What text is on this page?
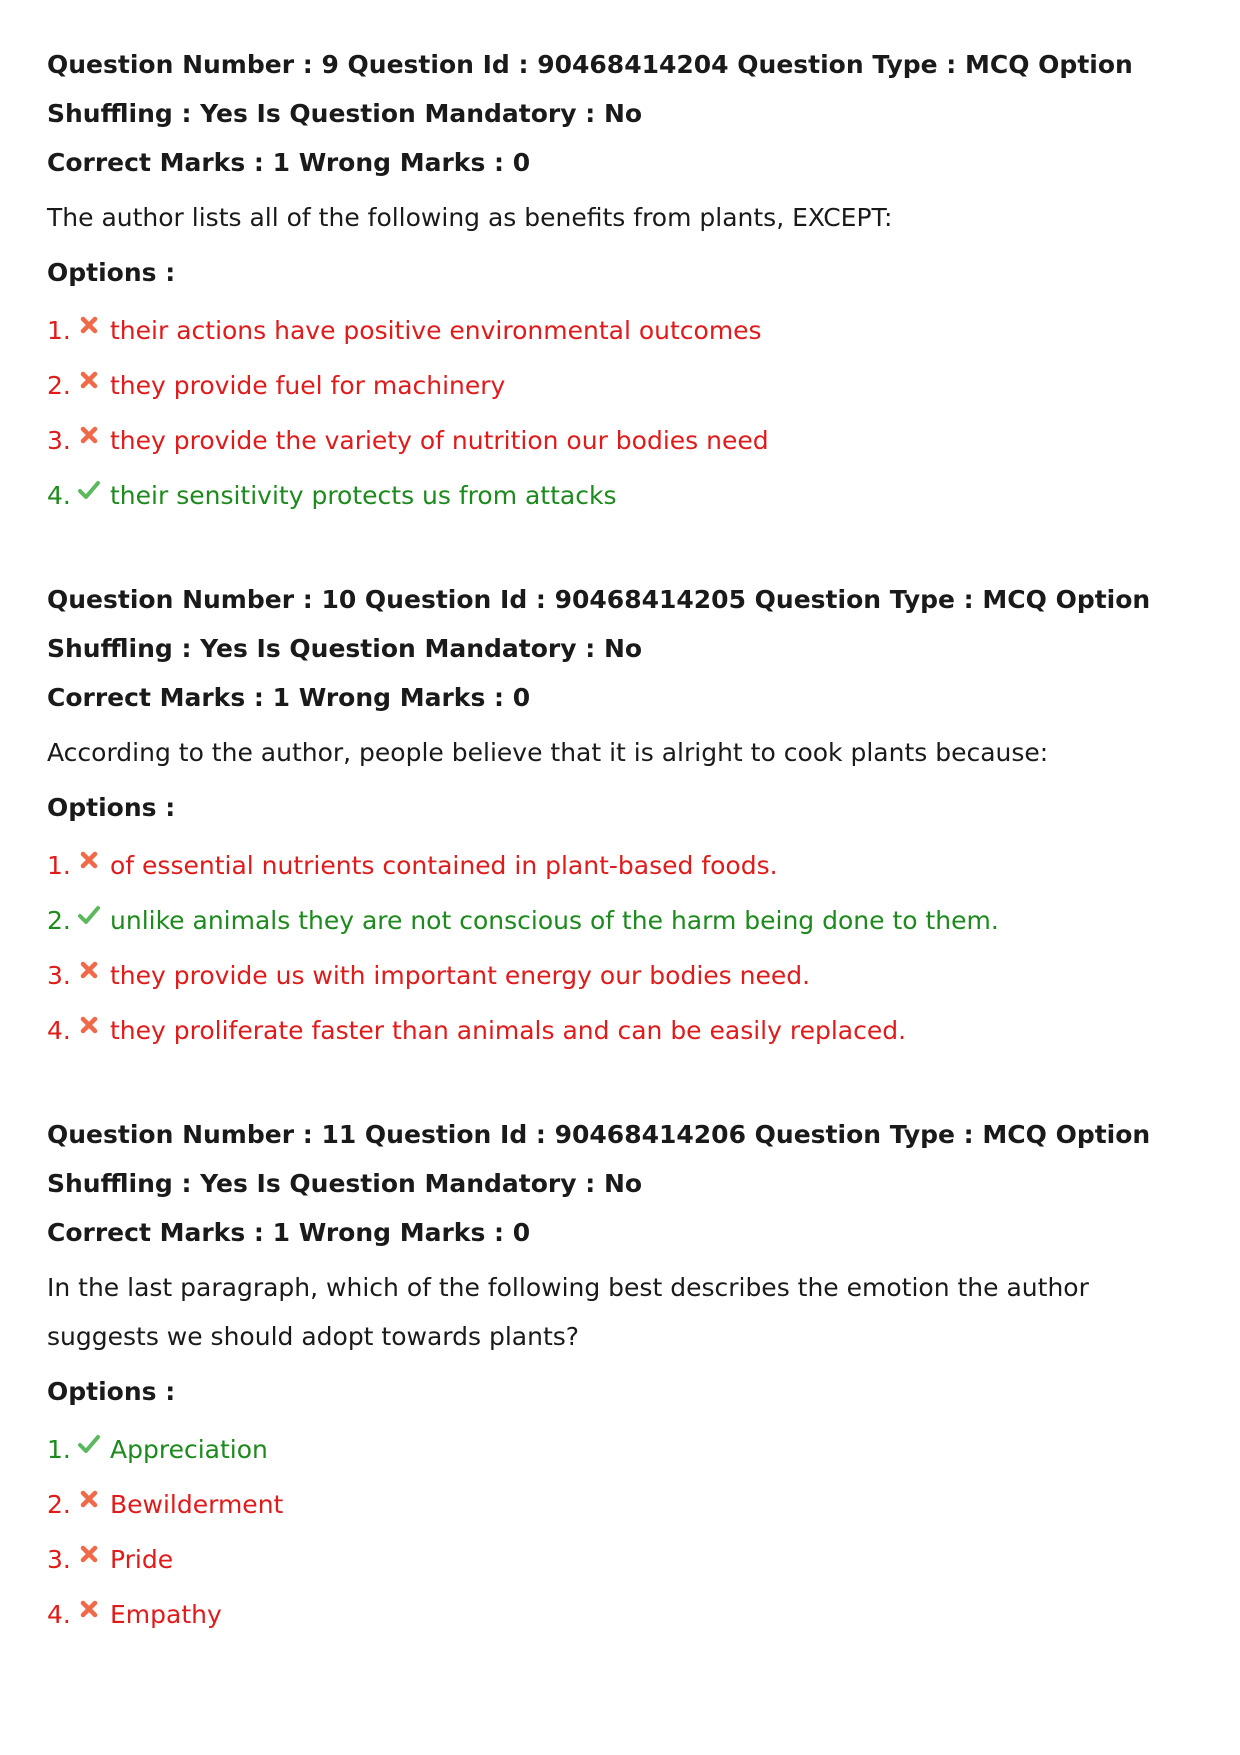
Question Number : 9 Question Id : 90468414204 Question Type : MCQ Option Shuffling : Yes Is Question Mandatory : No

Correct Marks : 1 Wrong Marks : 0

The author lists all of the following as benefits from plants, EXCEPT:

Options :

1. their actions have positive environmental outcomes
2. they provide fuel for machinery
3. they provide the variety of nutrition our bodies need
4. their sensitivity protects us from attacks

Question Number : 10 Question Id : 90468414205 Question Type : MCQ Option Shuffling : Yes Is Question Mandatory : No

Correct Marks : 1 Wrong Marks : 0

According to the author, people believe that it is alright to cook plants because:

Options :

1. of essential nutrients contained in plant-based foods.
2. unlike animals they are not conscious of the harm being done to them.
3. they provide us with important energy our bodies need.
4. they proliferate faster than animals and can be easily replaced.

Question Number : 11 Question Id : 90468414206 Question Type : MCQ Option Shuffling : Yes Is Question Mandatory : No

Correct Marks : 1 Wrong Marks : 0

In the last paragraph, which of the following best describes the emotion the author suggests we should adopt towards plants?

Options :

1. Appreciation
2. Bewilderment
3. Pride
4. Empathy
